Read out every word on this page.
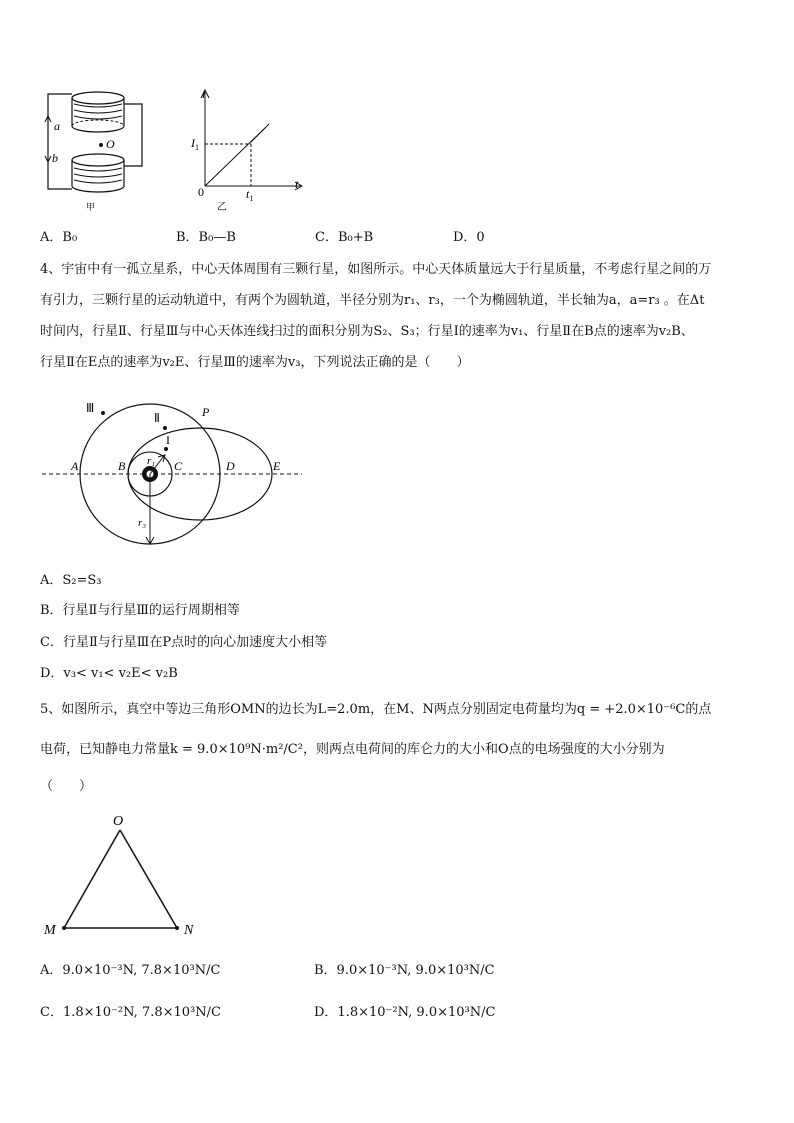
a
b
O
甲
i
t
0
$I_1$
$t_1$
乙
A．B₀	B．B₀—B	C．B₀+B	D．0
4、宇宙中有一孤立星系，中心天体周围有三颗行星，如图所示。中心天体质量远大于行星质量，不考虑行星之间的万
有引力，三颗行星的运动轨道中，有两个为圆轨道，半径分别为r₁、r₃，一个为椭圆轨道，半长轴为a，a=r₃ 。在Δt
时间内，行星Ⅱ、行星Ⅲ与中心天体连线扫过的面积分别为S₂、S₃；行星Ⅰ的速率为v₁、行星Ⅱ在B点的速率为v₂B、
行星Ⅱ在E点的速率为v₂E、行星Ⅲ的速率为v₃，下列说法正确的是（　　）
Ⅲ
Ⅱ
I
P
A	B	C	D	E
r₁
r₃
A．S₂=S₃
B．行星Ⅱ与行星Ⅲ的运行周期相等
C．行星Ⅱ与行星Ⅲ在P点时的向心加速度大小相等
D．v₃< v₁< v₂E< v₂B
5、如图所示，真空中等边三角形OMN的边长为L=2.0m，在M、N两点分别固定电荷量均为q = +2.0×10⁻⁶C的点
电荷，已知静电力常量k = 9.0×10⁹N·m²/C²，则两点电荷间的库仑力的大小和O点的电场强度的大小分别为
（　　）
O
M	N
A．9.0×10⁻³N, 7.8×10³N/C	B．9.0×10⁻³N, 9.0×10³N/C
C．1.8×10⁻²N, 7.8×10³N/C	D．1.8×10⁻²N, 9.0×10³N/C
